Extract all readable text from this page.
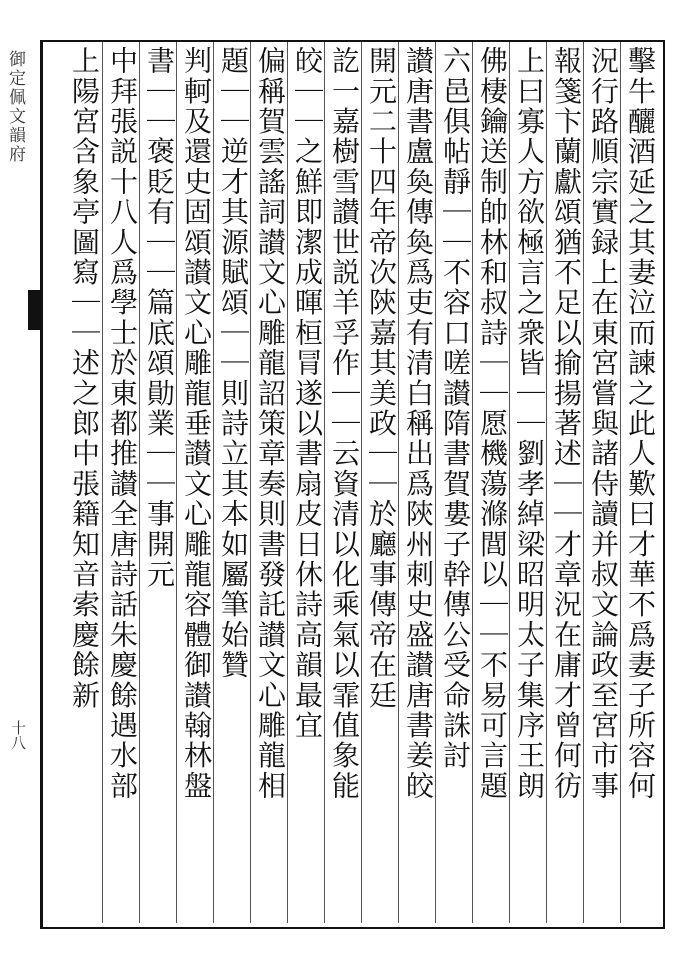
御定佩文韻府
十八	擊牛釃酒延之其妻泣而諫之此人歎曰才華不爲妻子所容何
況行路順宗實録上在東宮嘗與諸侍讀并叔文論政至宮市事
報箋卞蘭獻頌猶不足以揄揚著述｜｜才章況在庸才曾何彷
上曰寡人方欲極言之衆皆｜｜劉孝綽梁昭明太子集序王朗
佛棲鑰送制帥林和叔詩｜｜愿機蕩滌閭以｜｜不易可言題
六邑俱帖靜｜｜不容口嗟讃隋書賀婁子幹傳公受命誅討
讃唐書盧奐傳奐爲吏有清白稱出爲陝州刺史盛讃唐書姜皎
開元二十四年帝次陝嘉其美政｜｜於廳事傳帝在廷
訖一嘉樹雪讃世説羊孚作｜｜云資清以化乘氣以霏值象能
皎｜｜之鮮即潔成暉桓冐遂以書扇皮日休詩高韻最宜
偏稱賀雲謠詞讃文心雕龍詔策章奏則書發託讃文心雕龍相
題｜｜逆才其源賦頌｜｜則詩立其本如屬筆始贊
判軻及還史固頌讃文心雕龍垂讃文心雕龍容體御讃翰林盤
書｜｜褒貶有｜｜篇底頌勛業｜｜事開元
中拜張説十八人爲學士於東都推讃全唐詩話朱慶餘遇水部
上陽宮含象亭圖寫｜｜述之郎中張籍知音索慶餘新
